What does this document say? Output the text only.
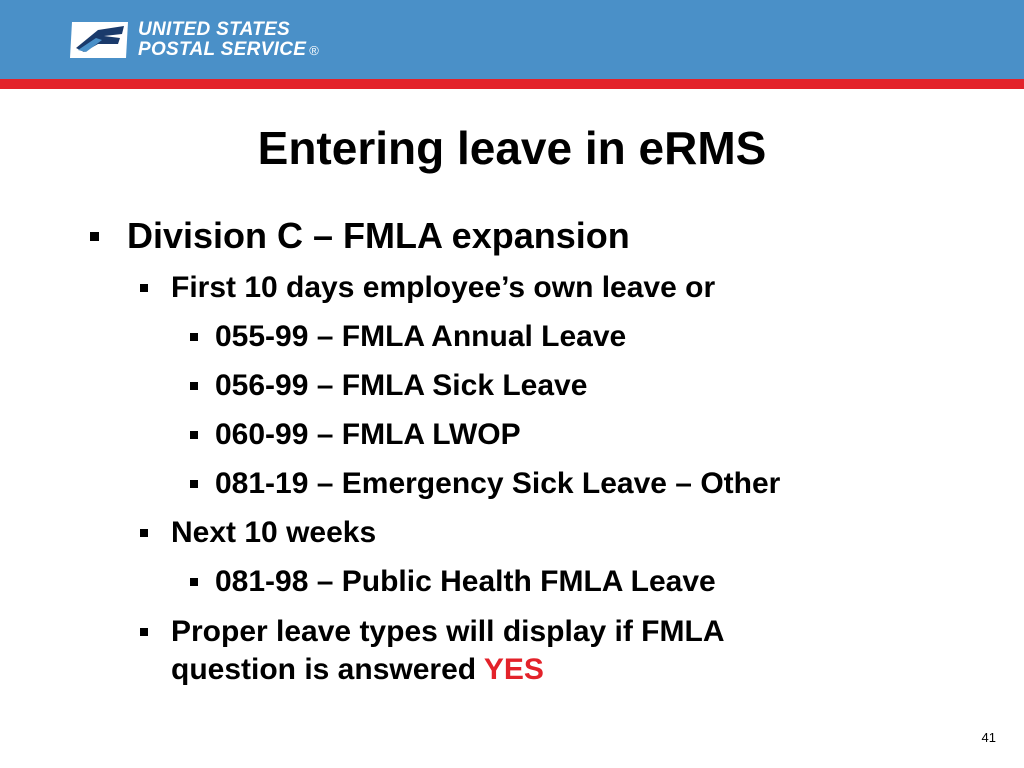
UNITED STATES
POSTAL SERVICE ®
Entering leave in eRMS
Division C – FMLA expansion
First 10 days employee’s own leave or
055-99 – FMLA Annual Leave
056-99 – FMLA Sick Leave
060-99 – FMLA LWOP
081-19 – Emergency Sick Leave – Other
Next 10 weeks
081-98 – Public Health FMLA Leave
Proper leave types will display if FMLA
question is answered YES
41
